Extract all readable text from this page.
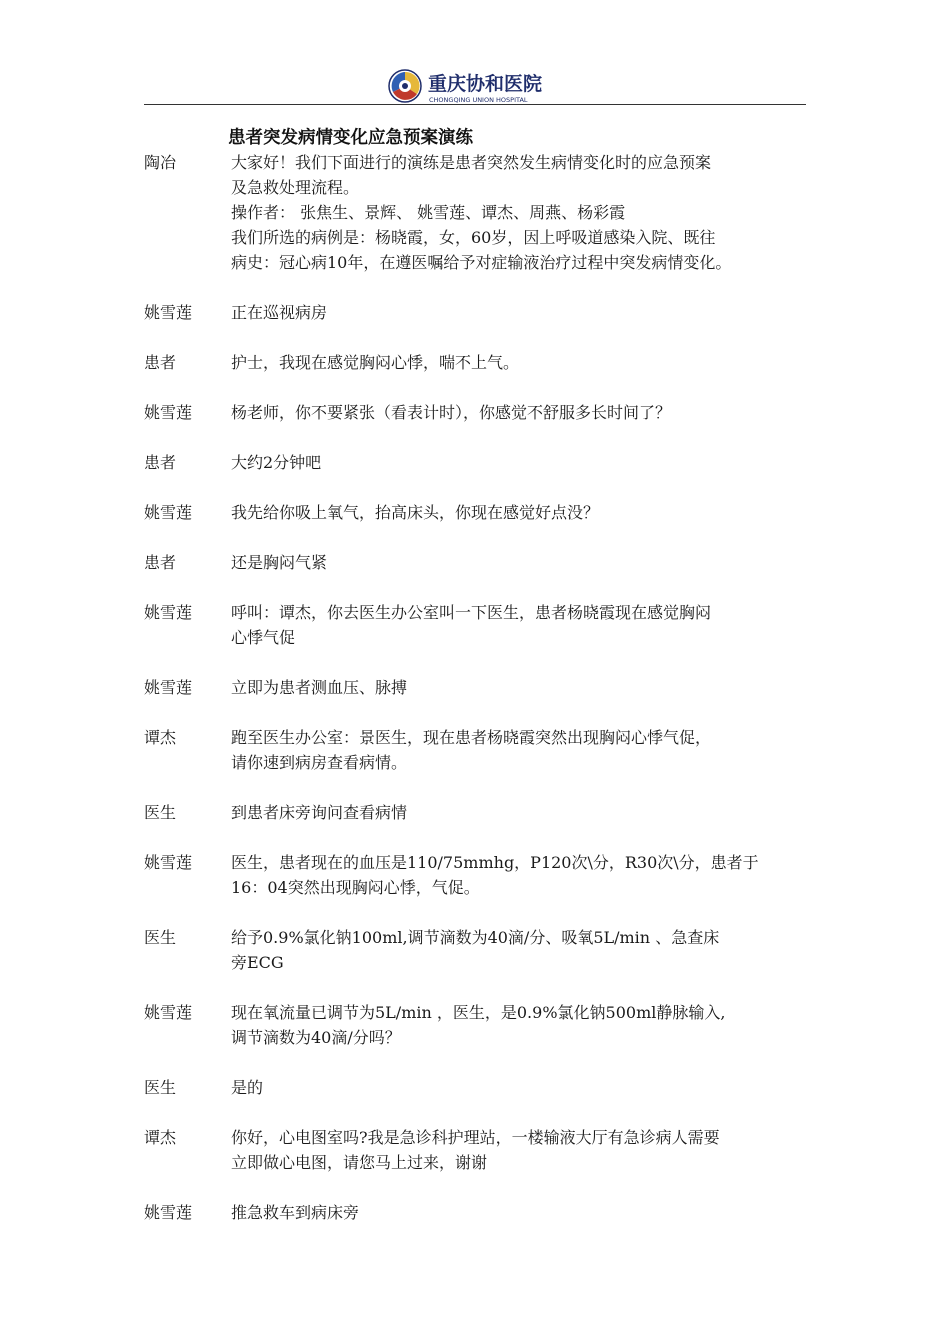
重庆协和医院
CHONGQING UNION HOSPITAL
患者突发病情变化应急预案演练
陶冶	大家好！我们下面进行的演练是患者突然发生病情变化时的应急预案
及急救处理流程。
操作者： 张焦生、景辉、 姚雪莲、谭杰、周燕、杨彩霞
我们所选的病例是：杨晓霞，女，60岁，因上呼吸道感染入院、既往
病史：冠心病10年，在遵医嘱给予对症输液治疗过程中突发病情变化。
姚雪莲	正在巡视病房
患者	护士，我现在感觉胸闷心悸，喘不上气。
姚雪莲	杨老师，你不要紧张（看表计时），你感觉不舒服多长时间了？
患者	大约2分钟吧
姚雪莲	我先给你吸上氧气，抬高床头，你现在感觉好点没？
患者	还是胸闷气紧
姚雪莲	呼叫：谭杰，你去医生办公室叫一下医生，患者杨晓霞现在感觉胸闷
心悸气促
姚雪莲	立即为患者测血压、脉搏
谭杰	跑至医生办公室：景医生，现在患者杨晓霞突然出现胸闷心悸气促，
请你速到病房查看病情。
医生	到患者床旁询问查看病情
姚雪莲	医生，患者现在的血压是110/75mmhg，P120次\分，R30次\分，患者于
16：04突然出现胸闷心悸，气促。
医生	给予0.9%氯化钠100ml,调节滴数为40滴/分、吸氧5L/min 、急查床
旁ECG
姚雪莲	现在氧流量已调节为5L/min ，医生，是0.9%氯化钠500ml静脉输入,
调节滴数为40滴/分吗？
医生	是的
谭杰	你好，心电图室吗?我是急诊科护理站，一楼输液大厅有急诊病人需要
立即做心电图，请您马上过来，谢谢
姚雪莲	推急救车到病床旁
